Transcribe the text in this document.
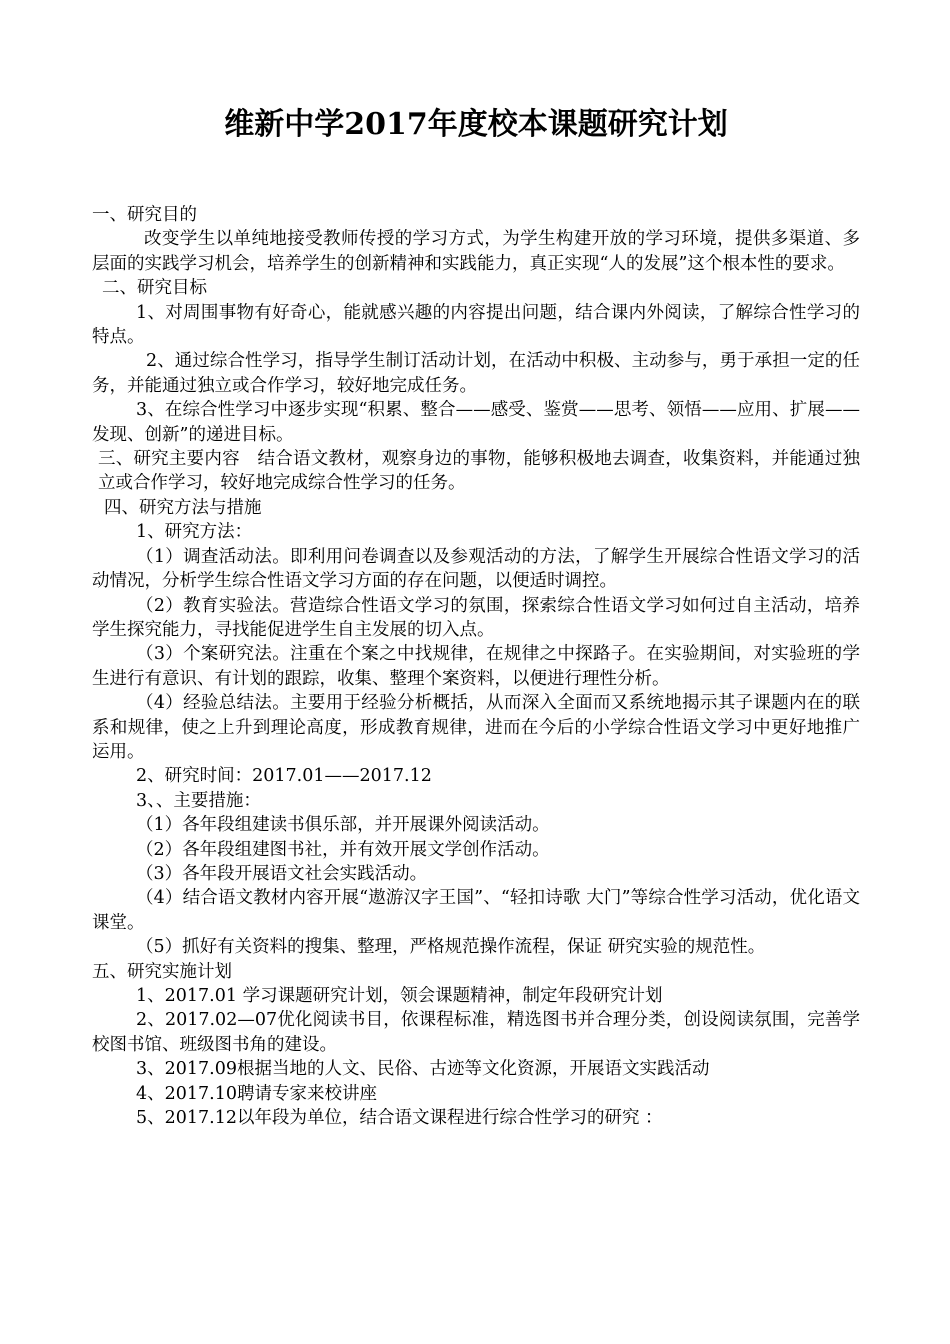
维新中学2017年度校本课题研究计划

一、研究目的

改变学生以单纯地接受教师传授的学习方式，为学生构建开放的学习环境，提供多渠道、多层面的实践学习机会，培养学生的创新精神和实践能力，真正实现“人的发展”这个根本性的要求。

二、研究目标

1、对周围事物有好奇心，能就感兴趣的内容提出问题，结合课内外阅读，了解综合性学习的特点。

2、通过综合性学习，指导学生制订活动计划，在活动中积极、主动参与，勇于承担一定的任务，并能通过独立或合作学习，较好地完成任务。

3、在综合性学习中逐步实现“积累、整合——感受、鉴赏——思考、领悟——应用、扩展——发现、创新”的递进目标。

三、研究主要内容　结合语文教材，观察身边的事物，能够积极地去调查，收集资料，并能通过独立或合作学习，较好地完成综合性学习的任务。

四、研究方法与措施

1、研究方法：

（1）调查活动法。即利用问卷调查以及参观活动的方法，了解学生开展综合性语文学习的活动情况，分析学生综合性语文学习方面的存在问题，以便适时调控。

（2）教育实验法。营造综合性语文学习的氛围，探索综合性语文学习如何过自主活动，培养学生探究能力，寻找能促进学生自主发展的切入点。

（3）个案研究法。注重在个案之中找规律，在规律之中探路子。在实验期间，对实验班的学生进行有意识、有计划的跟踪，收集、整理个案资料，以便进行理性分析。

（4）经验总结法。主要用于经验分析概括，从而深入全面而又系统地揭示其子课题内在的联系和规律，使之上升到理论高度，形成教育规律，进而在今后的小学综合性语文学习中更好地推广运用。

2、研究时间：2017.01——2017.12

3、、主要措施：

（1）各年段组建读书俱乐部，并开展课外阅读活动。

（2）各年段组建图书社，并有效开展文学创作活动。

（3）各年段开展语文社会实践活动。

（4）结合语文教材内容开展“遨游汉字王国”、“轻扣诗歌 大门”等综合性学习活动，优化语文课堂。

（5）抓好有关资料的搜集、整理，严格规范操作流程，保证 研究实验的规范性。

五、研究实施计划

1、2017.01 学习课题研究计划，领会课题精神，制定年段研究计划

2、2017.02—07优化阅读书目，依课程标准，精选图书并合理分类，创设阅读氛围，完善学校图书馆、班级图书角的建设。

3、2017.09根据当地的人文、民俗、古迹等文化资源，开展语文实践活动

4、2017.10聘请专家来校讲座

5、2017.12以年段为单位，结合语文课程进行综合性学习的研究 ：
